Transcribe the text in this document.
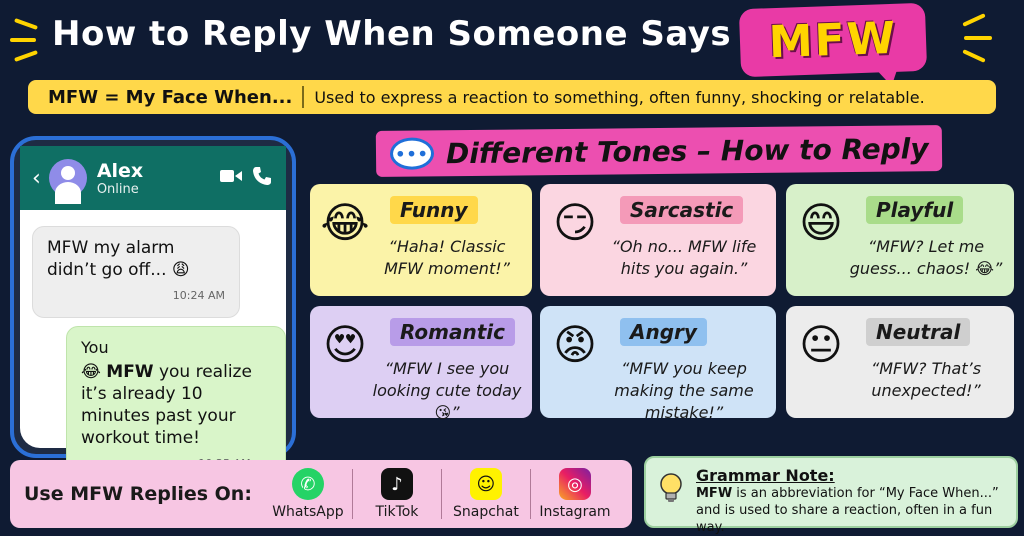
How to Reply When Someone Says MFW
MFW = My Face When... Used to express a reaction to something, often funny, shocking or relatable.
‹	Alex
Online
MFW my alarm didn’t go off... 😩
10:24 AM
You
😂 MFW you realize it’s already 10 minutes past your workout time!
••• Different Tones – How to Reply
😂	Funny
“Haha! Classic MFW moment!”
😏	Sarcastic
“Oh no... MFW life hits you again.”
😄	Playful
“MFW? Let me guess... chaos! 😂”
😍	Romantic
“MFW I see you looking cute today 😘”
😡	Angry
“MFW you keep making the same mistake!”
😐	Neutral
“MFW? That’s unexpected!”
Use MFW Replies On:	✆
WhatsApp
♪
TikTok
☺
Snapchat
◎
Instagram
Grammar Note:
MFW is an abbreviation for “My Face When...” and is used to share a reaction, often in a fun way.
